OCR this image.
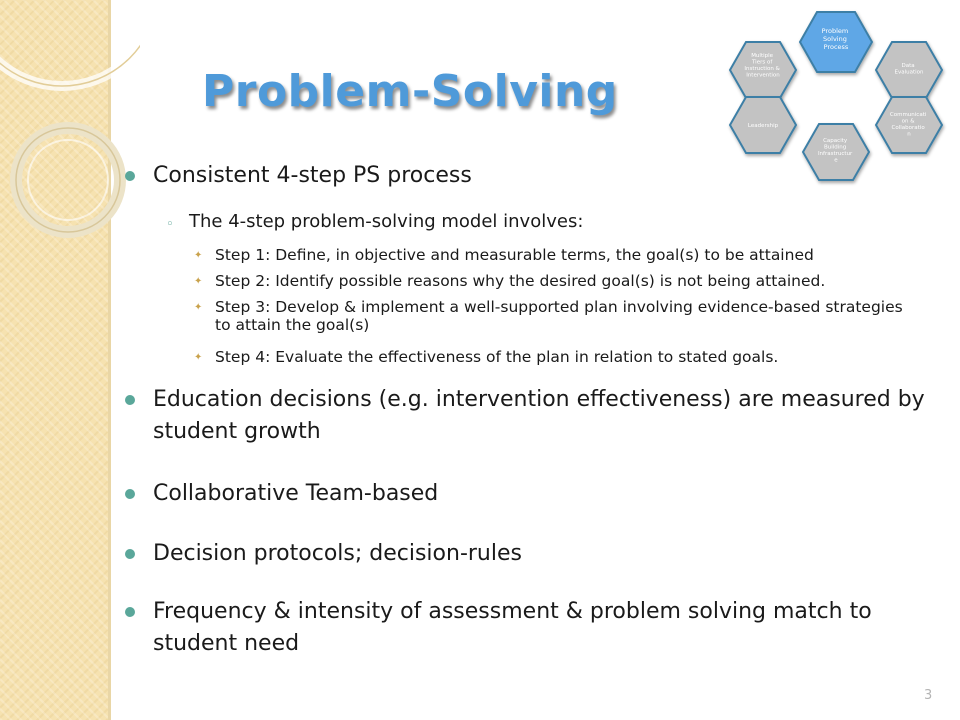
Problem-Solving
Multiple Tiers of Instruction & Intervention
Data Evaluation
Leadership
Communicati on & Collaboratio n
Capacity Building Infrastructur e
Problem Solving Process
Consistent 4-step PS process
◦ The 4-step problem-solving model involves:
✦ Step 1: Define, in objective and measurable terms, the goal(s) to be attained
✦ Step 2: Identify possible reasons why the desired goal(s) is not being attained.
✦ Step 3: Develop & implement a well-supported plan involving evidence-based strategies to attain the goal(s)
✦ Step 4: Evaluate the effectiveness of the plan in relation to stated goals.
Education decisions (e.g. intervention effectiveness) are measured by student growth
Collaborative Team-based
Decision protocols; decision-rules
Frequency & intensity of assessment & problem solving match to student need
3
